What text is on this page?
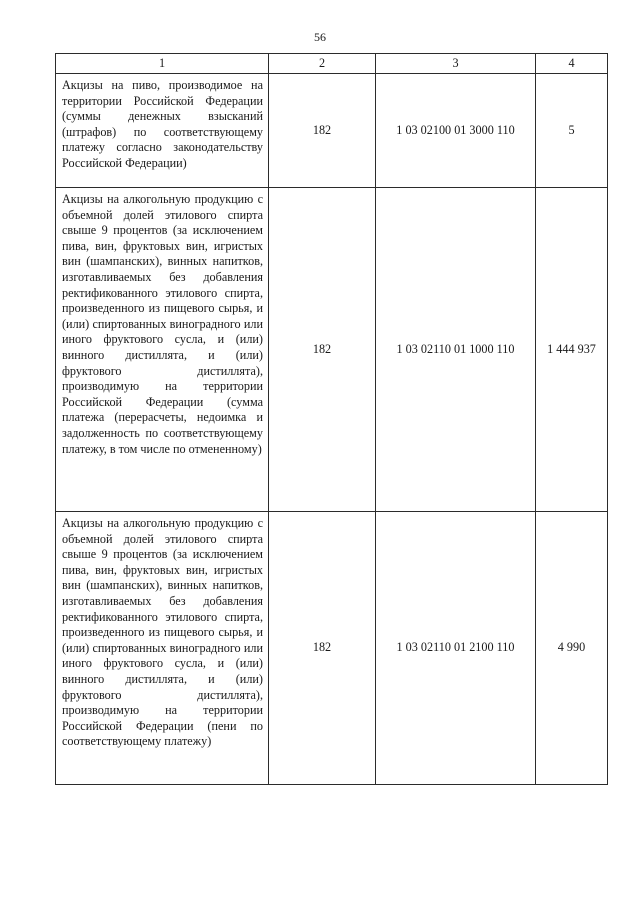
56
1	2	3	4
Акцизы на пиво, производимое на территории Российской Федерации (суммы денежных взысканий (штрафов) по соответствующему платежу согласно законодательству Российской Федерации)	182	1 03 02100 01 3000 110	5
Акцизы на алкогольную продукцию с объемной долей этилового спирта свыше 9 процентов (за исключением пива, вин, фруктовых вин, игристых вин (шампанских), винных напитков, изготавливаемых без добавления ректификованного этилового спирта, произведенного из пищевого сырья, и (или) спиртованных виноградного или иного фруктового сусла, и (или) винного дистиллята, и (или) фруктового дистиллята), производимую на территории Российской Федерации (сумма платежа (перерасчеты, недоимка и задолженность по соответствующему платежу, в том числе по отмененному)	182	1 03 02110 01 1000 110	1 444 937
Акцизы на алкогольную продукцию с объемной долей этилового спирта свыше 9 процентов (за исключением пива, вин, фруктовых вин, игристых вин (шампанских), винных напитков, изготавливаемых без добавления ректификованного этилового спирта, произведенного из пищевого сырья, и (или) спиртованных виноградного или иного фруктового сусла, и (или) винного дистиллята, и (или) фруктового дистиллята), производимую на территории Российской Федерации (пени по соответствующему платежу)	182	1 03 02110 01 2100 110	4 990
